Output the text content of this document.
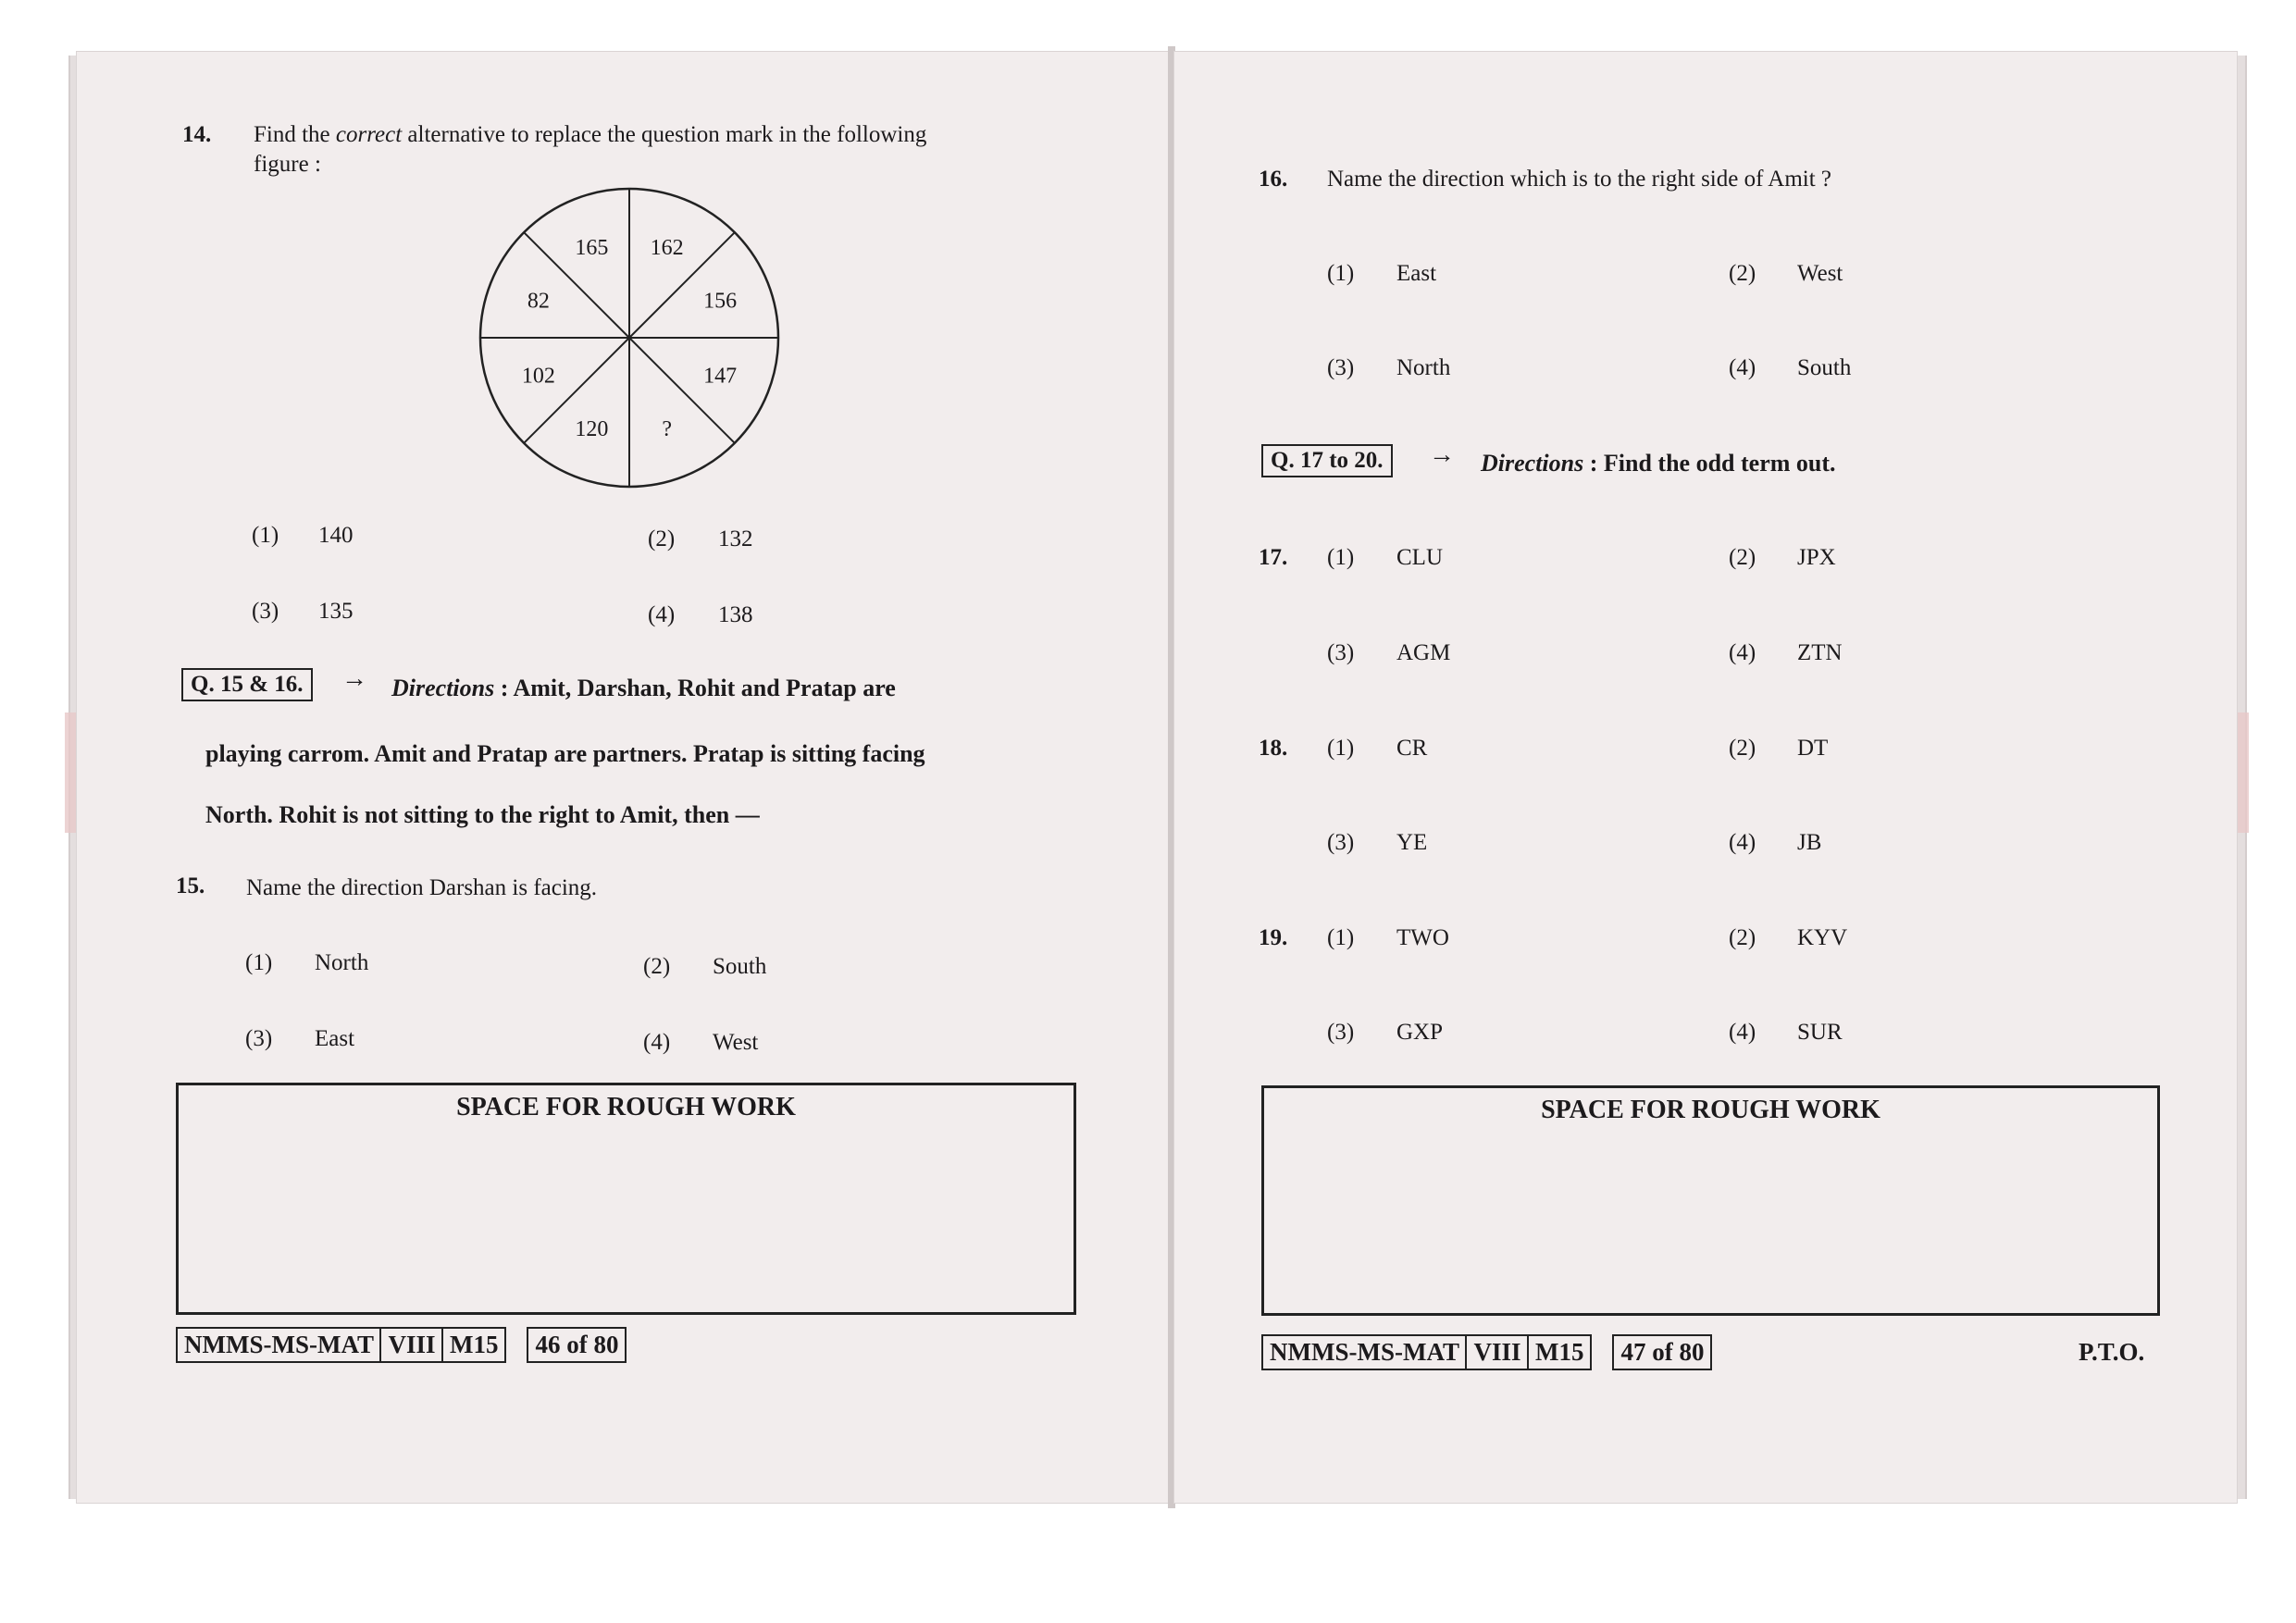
14. Find the correct alternative to replace the question mark in the following
figure :
165 162
156
147
?
120
102
82
(1) 140	(2) 132
(3) 135	(4) 138
Q. 15 & 16.	→ Directions : Amit, Darshan, Rohit and Pratap are
playing carrom. Amit and Pratap are partners. Pratap is sitting facing
North. Rohit is not sitting to the right to Amit, then —
15. Name the direction Darshan is facing.
(1) North	(2) South
(3) East	(4) West
SPACE FOR ROUGH WORK
NMMS-MS-MAT VIII M15	46 of 80
16. Name the direction which is to the right side of Amit ?
(1) East	(2) West
(3) North	(4) South
Q. 17 to 20.	→ Directions : Find the odd term out.
17. (1) CLU	(2) JPX
(3) AGM	(4) ZTN
18. (1) CR	(2) DT
(3) YE	(4) JB
19. (1) TWO	(2) KYV
(3) GXP	(4) SUR
SPACE FOR ROUGH WORK
NMMS-MS-MAT VIII M15	47 of 80	P.T.O.
